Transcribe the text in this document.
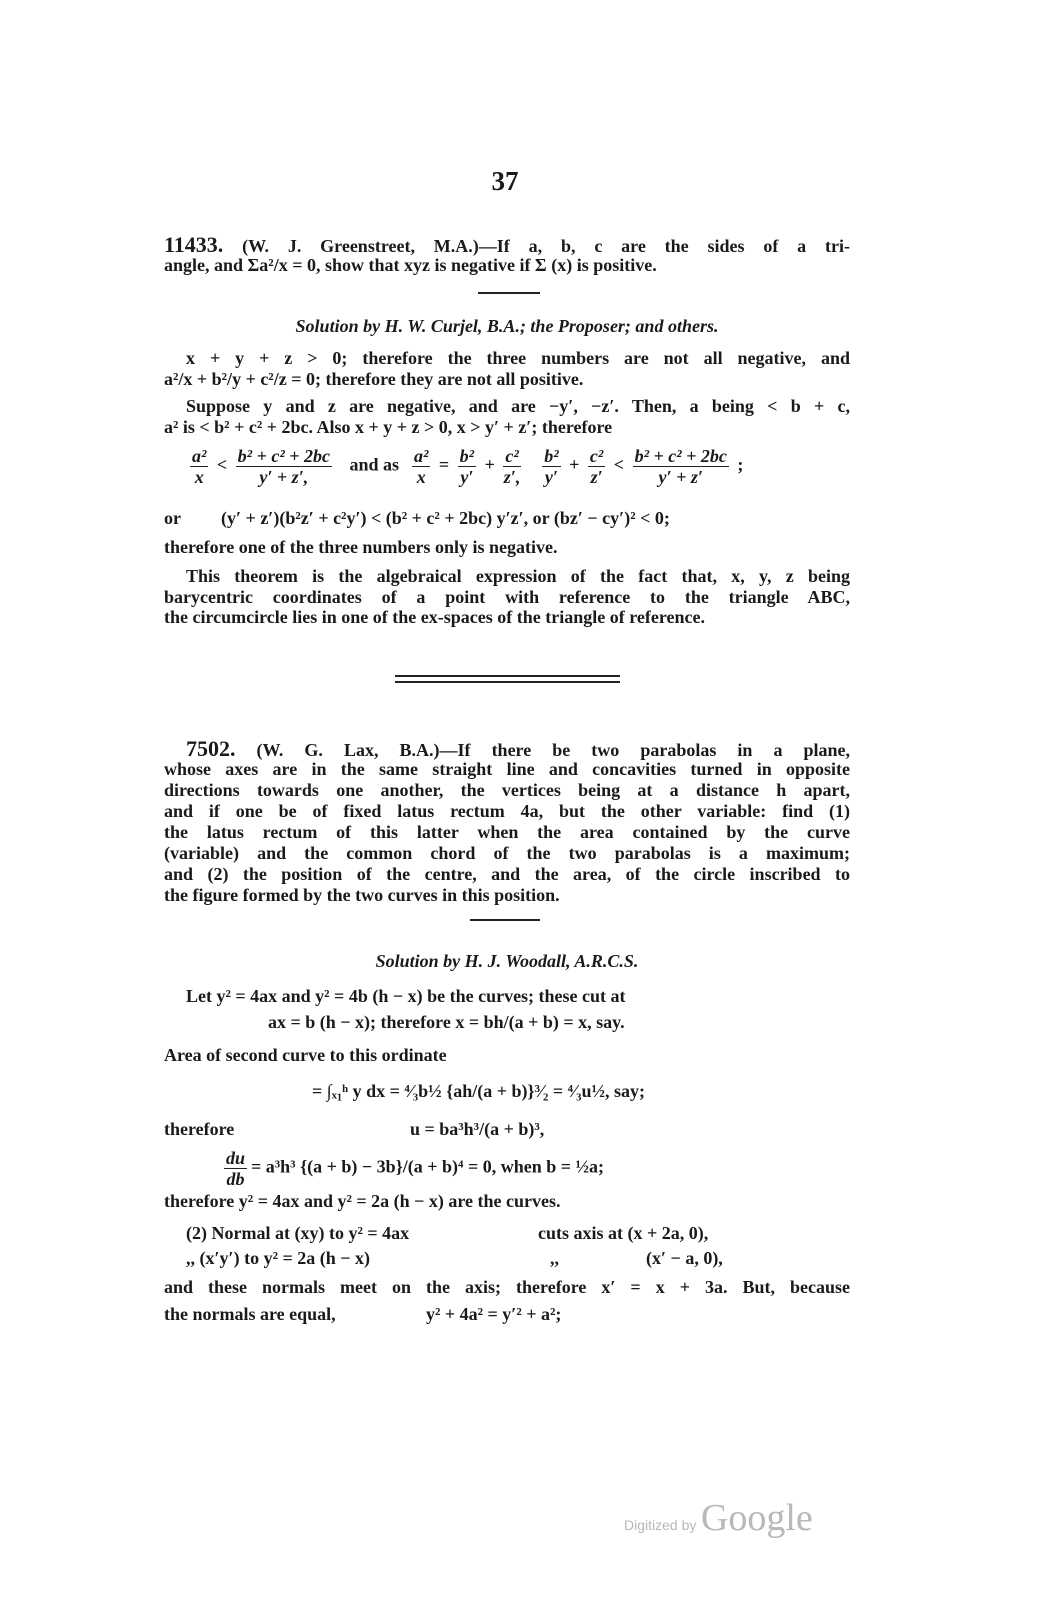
37
11433. (W. J. Greenstreet, M.A.)—If a, b, c are the sides of a tri-
angle, and Σa²/x = 0, show that xyz is negative if Σ (x) is positive.
Solution by H. W. Curjel, B.A.; the Proposer; and others.
x + y + z > 0; therefore the three numbers are not all negative, and
a²/x + b²/y + c²/z = 0; therefore they are not all positive.
Suppose y and z are negative, and are −y′, −z′. Then, a being < b + c,
a² is < b² + c² + 2bc. Also x + y + z > 0, x > y′ + z′; therefore
$\frac{\text{a²}}{x} < \frac{\text{b² + c² + 2bc}}{y' + z',}$ and as $\frac{\text{a²}}{x} = \frac{\text{b²}}{y'} + \frac{\text{c²}}{z',}$
$\frac{\text{b²}}{y'} + \frac{\text{c²}}{z'} < \frac{\text{b² + c² + 2bc}}{y' + z'}$ ;
or (y′ + z′)(b²z′ + c²y′) < (b² + c² + 2bc) y′z′, or (bz′ − cy′)² < 0;
therefore one of the three numbers only is negative.
This theorem is the algebraical expression of the fact that, x, y, z being
barycentric coordinates of a point with reference to the triangle ABC,
the circumcircle lies in one of the ex-spaces of the triangle of reference.
7502. (W. G. Lax, B.A.)—If there be two parabolas in a plane,
whose axes are in the same straight line and concavities turned in opposite
directions towards one another, the vertices being at a distance h apart,
and if one be of fixed latus rectum 4a, but the other variable: find (1)
the latus rectum of this latter when the area contained by the curve
(variable) and the common chord of the two parabolas is a maximum;
and (2) the position of the centre, and the area, of the circle inscribed to
the figure formed by the two curves in this position.
Solution by H. J. Woodall, A.R.C.S.
Let y² = 4ax and y² = 4b (h − x) be the curves; these cut at
ax = b (h − x); therefore x = bh/(a + b) = x, say.
Area of second curve to this ordinate
= ∫ₓ₁ʰ y dx = ⁴⁄₃b½ {ah/(a + b)}³⁄₂ = ⁴⁄₃u½, say;
therefore	u = ba³h³/(a + b)³,
$\frac{du}{db} = a^3h^3$ {(a + b) − 3b}/(a + b)⁴ = 0, when b = ½a;
therefore y² = 4ax and y² = 2a (h − x) are the curves.
(2) Normal at (xy) to y² = 4ax	cuts axis at (x + 2a, 0),
,, (x′y′) to y² = 2a (h − x)	,,	(x′ − a, 0),
and these normals meet on the axis; therefore x′ = x + 3a. But, because
the normals are equal,	y² + 4a² = y′² + a²;
Digitized by Google
